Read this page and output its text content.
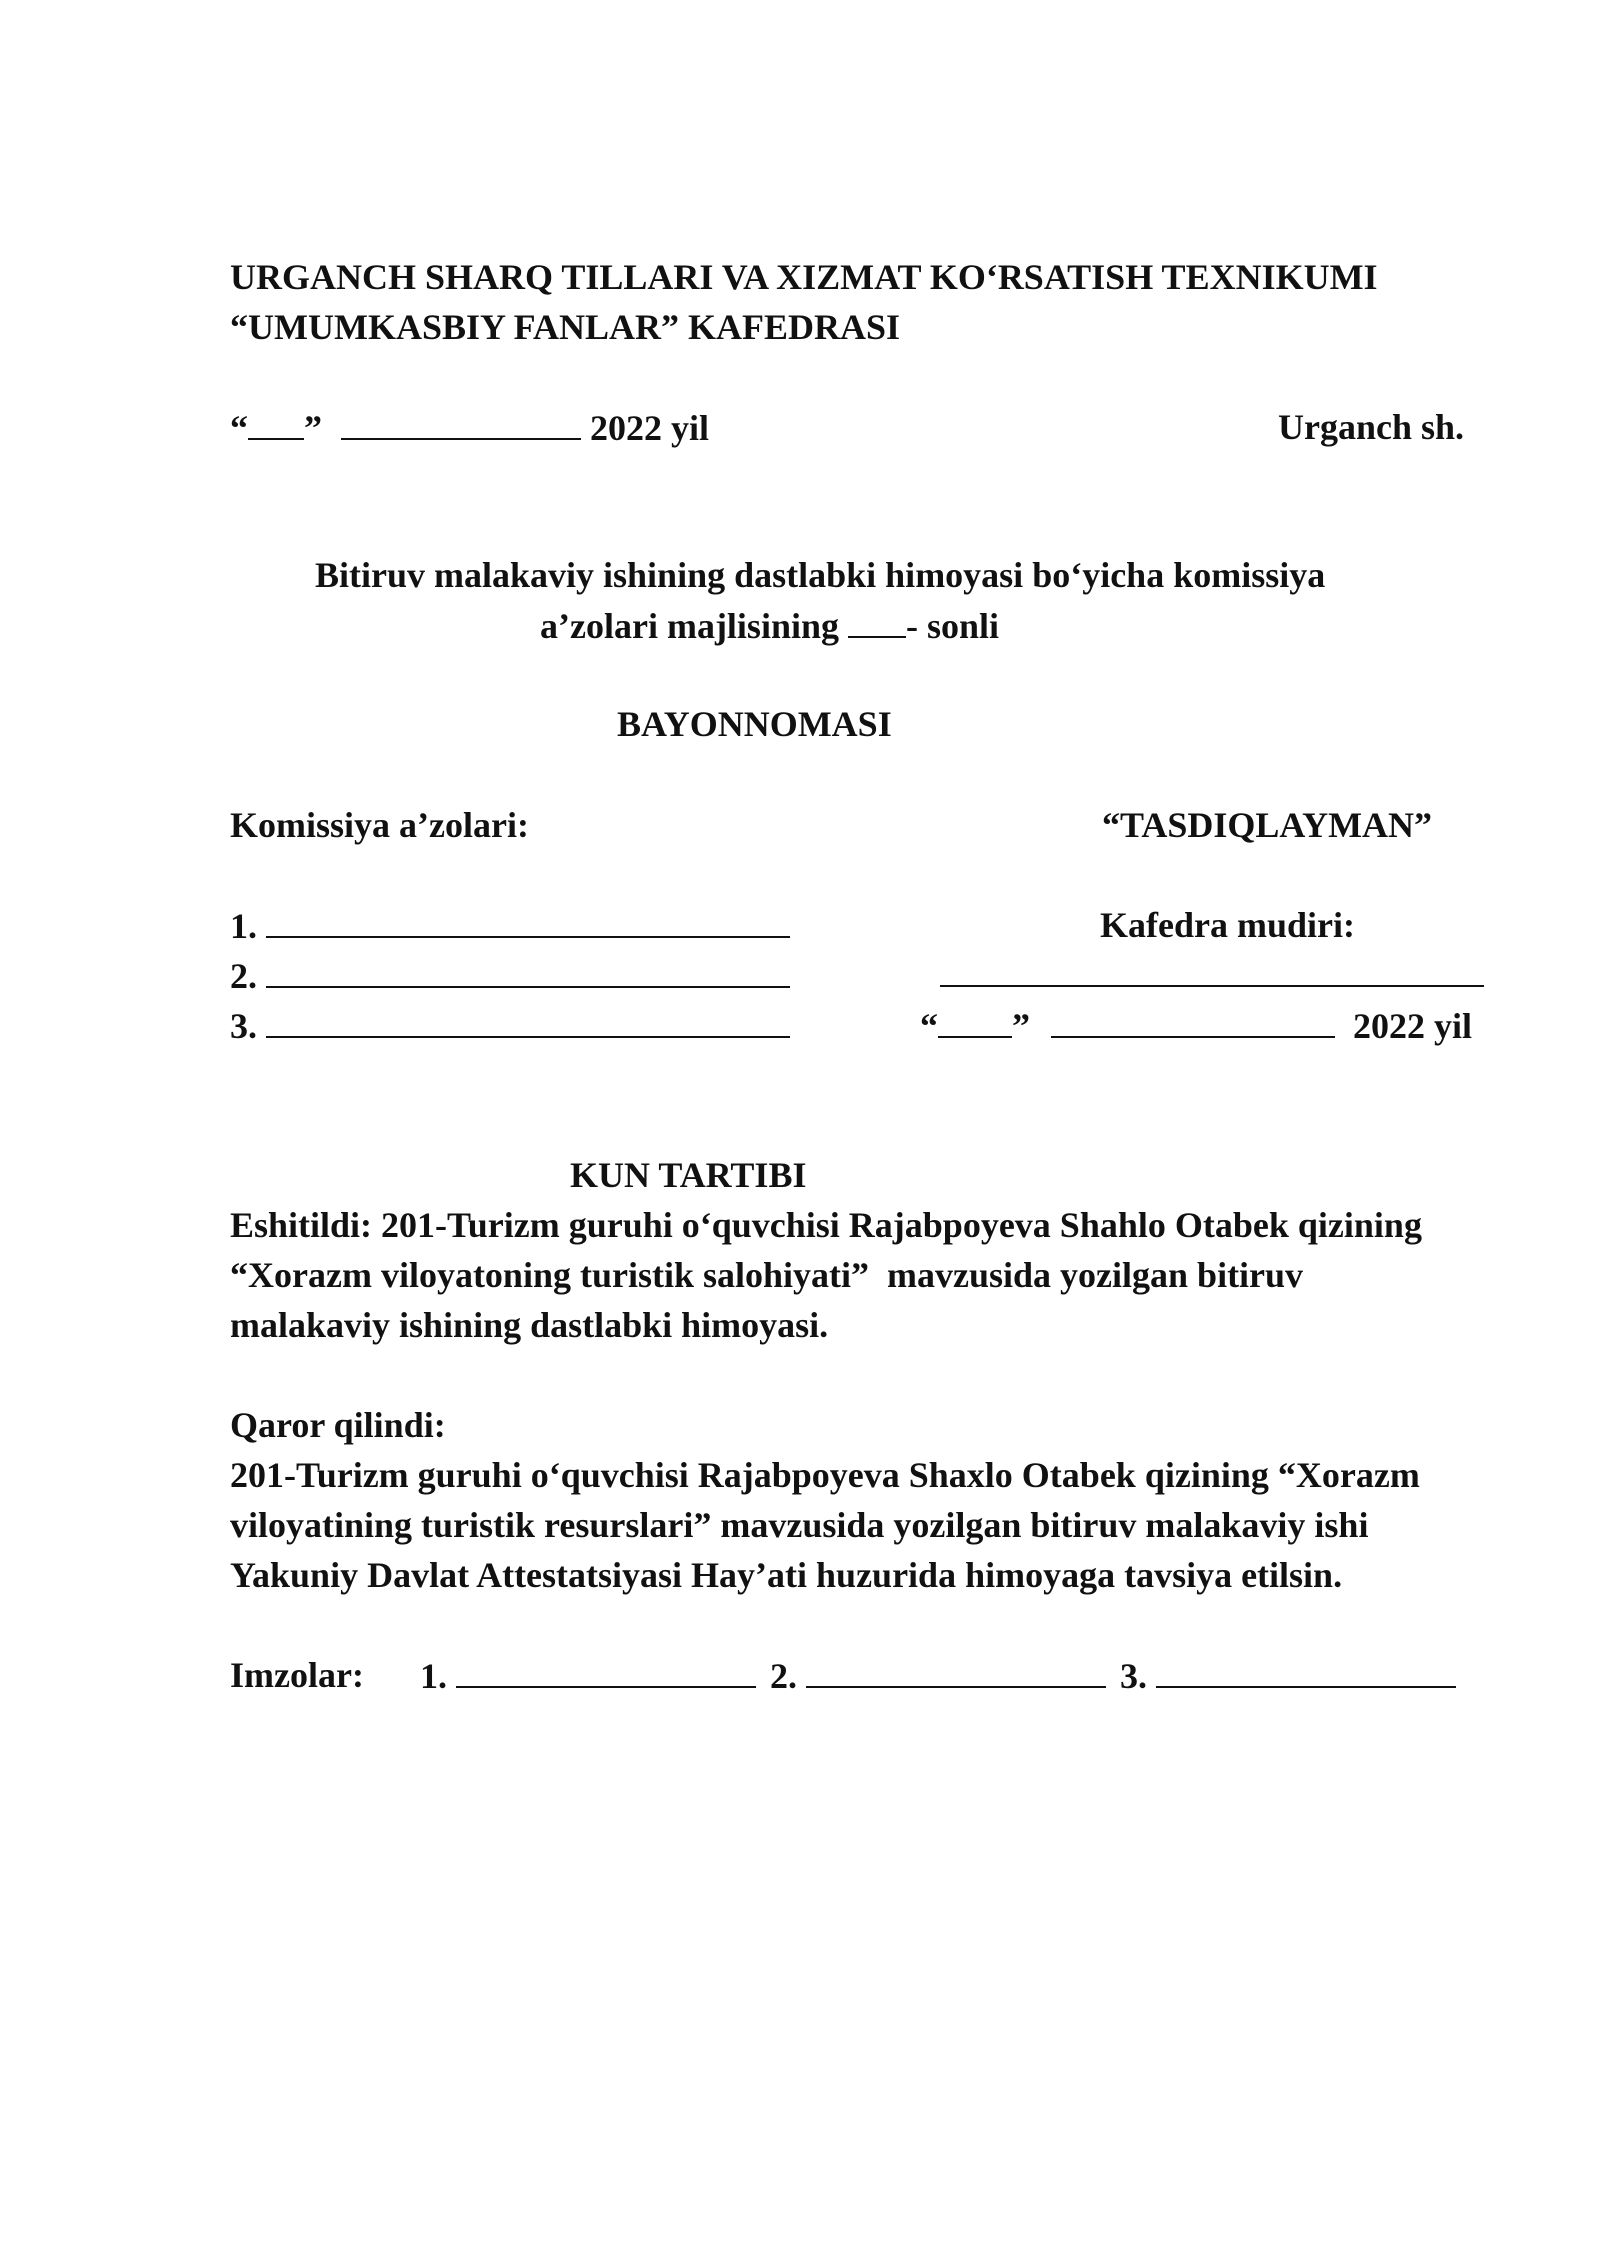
URGANCH SHARQ TILLARI VA XIZMAT KO‘RSATISH TEXNIKUMI
“UMUMKASBIY FANLAR” KAFEDRASI
“ ”	2022 yil	Urganch sh.
Bitiruv malakaviy ishining dastlabki himoyasi bo‘yicha komissiya
a’zolari majlisining - sonli
BAYONNOMASI
Komissiya a’zolari:	“TASDIQLAYMAN”
1.
2.
3.
Kafedra mudiri:
“ ”	2022 yil
KUN TARTIBI
Eshitildi: 201-Turizm guruhi o‘quvchisi Rajabpoyeva Shahlo Otabek qizining
“Xorazm viloyatoning turistik salohiyati”  mavzusida yozilgan bitiruv
malakaviy ishining dastlabki himoyasi.
Qaror qilindi:
201-Turizm guruhi o‘quvchisi Rajabpoyeva Shaxlo Otabek qizining “Xorazm
viloyatining turistik resurslari” mavzusida yozilgan bitiruv malakaviy ishi
Yakuniy Davlat Attestatsiyasi Hay’ati huzurida himoyaga tavsiya etilsin.
Imzolar: 1.	2.	3.
